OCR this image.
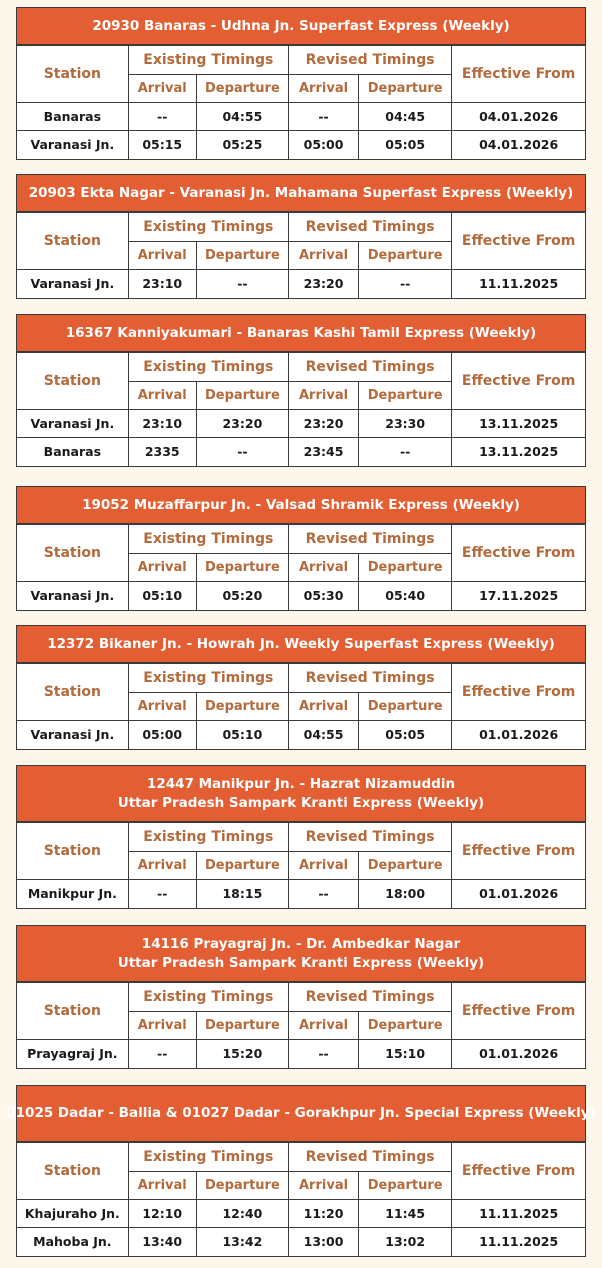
20930 Banaras - Udhna Jn. Superfast Express (Weekly)
Station	Existing Timings		Revised Timings		Effective From
	Arrival	Departure	Arrival	Departure	
Banaras	--	04:55	--	04:45	04.01.2026
Varanasi Jn.	05:15	05:25	05:00	05:05	04.01.2026
20903 Ekta Nagar - Varanasi Jn. Mahamana Superfast Express (Weekly)
Station	Existing Timings		Revised Timings		Effective From
	Arrival	Departure	Arrival	Departure	
Varanasi Jn.	23:10	--	23:20	--	11.11.2025
16367 Kanniyakumari - Banaras Kashi Tamil Express (Weekly)
Station	Existing Timings		Revised Timings		Effective From
	Arrival	Departure	Arrival	Departure	
Varanasi Jn.	23:10	23:20	23:20	23:30	13.11.2025
Banaras	2335	--	23:45	--	13.11.2025
19052 Muzaffarpur Jn. - Valsad Shramik Express (Weekly)
Station	Existing Timings		Revised Timings		Effective From
	Arrival	Departure	Arrival	Departure	
Varanasi Jn.	05:10	05:20	05:30	05:40	17.11.2025
12372 Bikaner Jn. - Howrah Jn. Weekly Superfast Express (Weekly)
Station	Existing Timings		Revised Timings		Effective From
	Arrival	Departure	Arrival	Departure	
Varanasi Jn.	05:00	05:10	04:55	05:05	01.01.2026
12447 Manikpur Jn. - Hazrat Nizamuddin
Uttar Pradesh Sampark Kranti Express (Weekly)
Station	Existing Timings		Revised Timings		Effective From
	Arrival	Departure	Arrival	Departure	
Manikpur Jn.	--	18:15	--	18:00	01.01.2026
14116 Prayagraj Jn. - Dr. Ambedkar Nagar
Uttar Pradesh Sampark Kranti Express (Weekly)
Station	Existing Timings		Revised Timings		Effective From
	Arrival	Departure	Arrival	Departure	
Prayagraj Jn.	--	15:20	--	15:10	01.01.2026
01025 Dadar - Ballia & 01027 Dadar - Gorakhpur Jn. Special Express (Weekly)
Station	Existing Timings		Revised Timings		Effective From
	Arrival	Departure	Arrival	Departure	
Khajuraho Jn.	12:10	12:40	11:20	11:45	11.11.2025
Mahoba Jn.	13:40	13:42	13:00	13:02	11.11.2025
